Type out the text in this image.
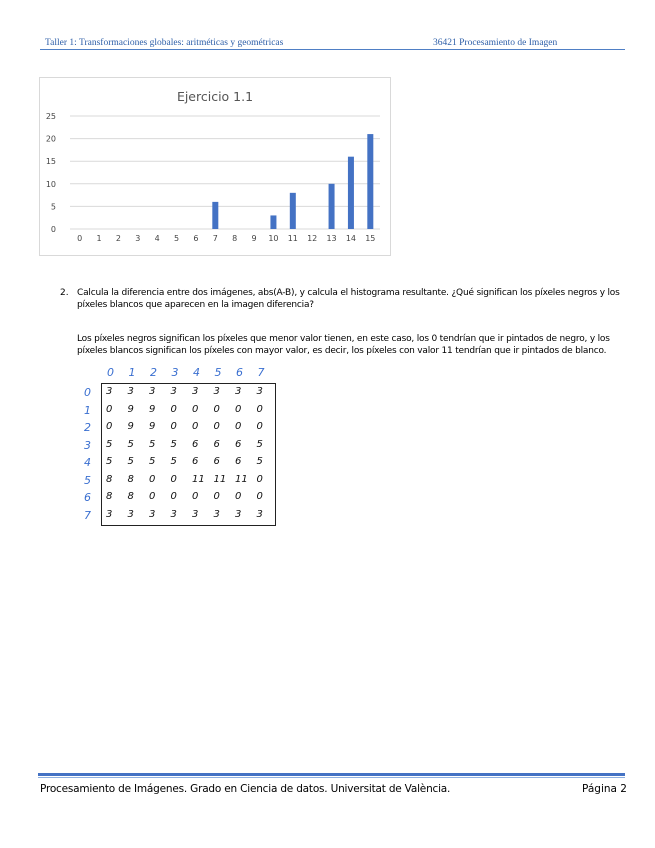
Taller 1: Transformaciones globales: aritméticas y geométricas	36421 Procesamiento de Imagen
Ejercicio 1.1
0
5
10
15
20
25
0 1 2 3 4 5 6 7 8 9 10 11 12 13 14 15
2. Calcula la diferencia entre dos imágenes, abs(A-B), y calcula el histograma resultante. ¿Qué significan los píxeles negros y los píxeles blancos que aparecen en la imagen diferencia?
Los píxeles negros significan los píxeles que menor valor tienen, en este caso, los 0 tendrían que ir pintados de negro, y los píxeles blancos significan los píxeles con mayor valor, es decir, los píxeles con valor 11 tendrían que ir pintados de blanco.
0 1 2 3 4 5 6 7
0
1
2
3
4
5
6
7
3 3 3 3 3 3 3 3
0 9 9 0 0 0 0 0
0 9 9 0 0 0 0 0
5 5 5 5 6 6 6 5
5 5 5 5 6 6 6 5
8 8 0 0 11 11 11 0
8 8 0 0 0 0 0 0
3 3 3 3 3 3 3 3
Procesamiento de Imágenes. Grado en Ciencia de datos. Universitat de València.	Página 2
